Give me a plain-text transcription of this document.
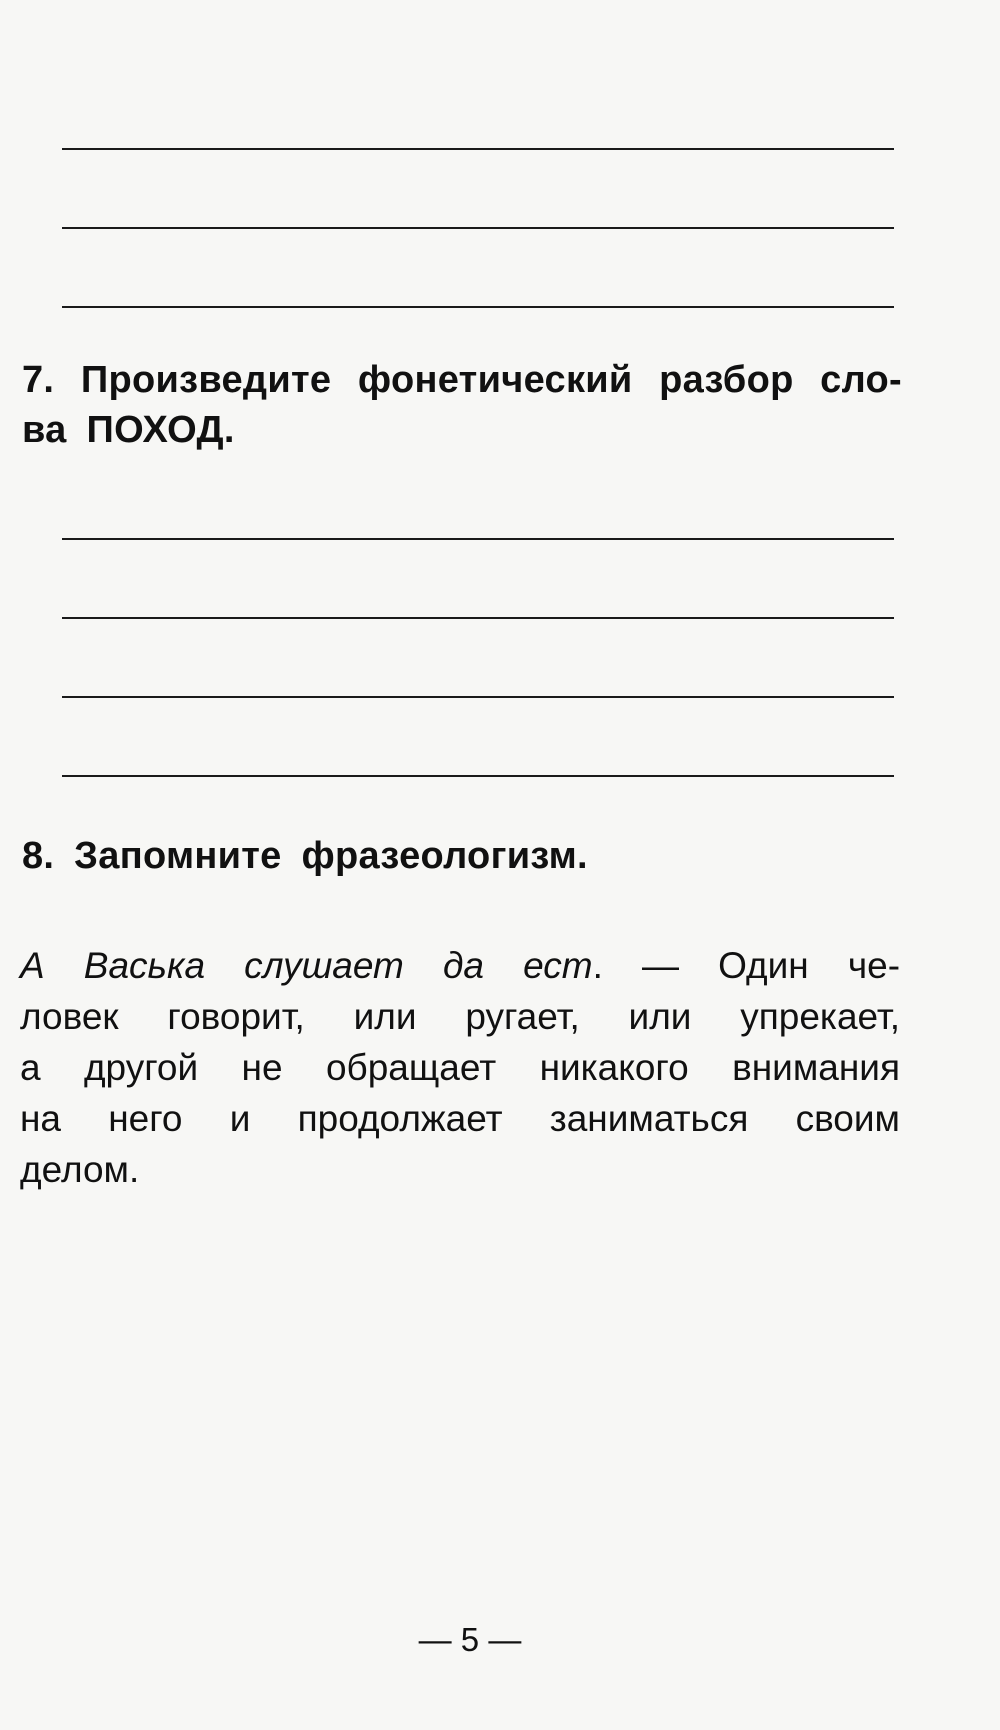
7. Произведите фонетический разбор сло-
ва ПОХОД.
8. Запомните фразеологизм.
А Васька слушает да ест. — Один че-
ловек говорит, или ругает, или упрекает,
а другой не обращает никакого внимания
на него и продолжает заниматься своим
делом.
— 5 —
